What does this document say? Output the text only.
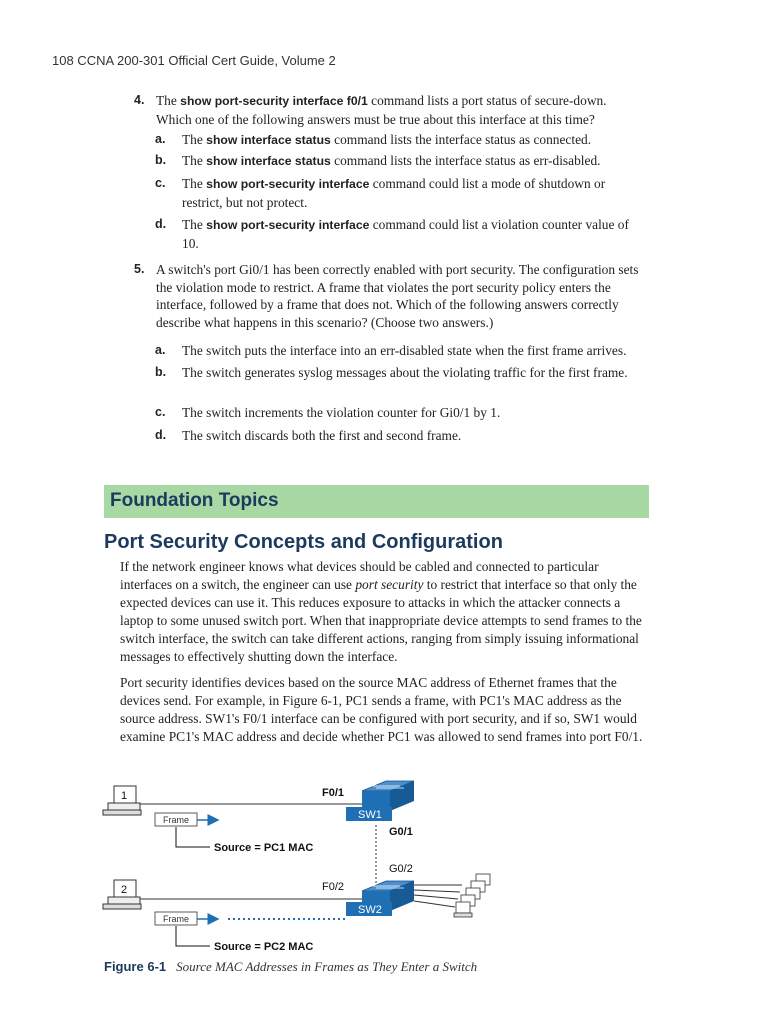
108 CCNA 200-301 Official Cert Guide, Volume 2
4. The show port-security interface f0/1 command lists a port status of secure-down. Which one of the following answers must be true about this interface at this time?
a. The show interface status command lists the interface status as connected.
b. The show interface status command lists the interface status as err-disabled.
c. The show port-security interface command could list a mode of shutdown or restrict, but not protect.
d. The show port-security interface command could list a violation counter value of 10.
5. A switch's port Gi0/1 has been correctly enabled with port security. The configuration sets the violation mode to restrict. A frame that violates the port security policy enters the interface, followed by a frame that does not. Which of the following answers correctly describe what happens in this scenario? (Choose two answers.)
a. The switch puts the interface into an err-disabled state when the first frame arrives.
b. The switch generates syslog messages about the violating traffic for the first frame.
c. The switch increments the violation counter for Gi0/1 by 1.
d. The switch discards both the first and second frame.
Foundation Topics
Port Security Concepts and Configuration
If the network engineer knows what devices should be cabled and connected to particular interfaces on a switch, the engineer can use port security to restrict that interface so that only the expected devices can use it. This reduces exposure to attacks in which the attacker connects a laptop to some unused switch port. When that inappropriate device attempts to send frames to the switch interface, the switch can take different actions, ranging from simply issuing informational messages to effectively shutting down the interface.
Port security identifies devices based on the source MAC address of Ethernet frames that the devices send. For example, in Figure 6-1, PC1 sends a frame, with PC1's MAC address as the source address. SW1's F0/1 interface can be configured with port security, and if so, SW1 would examine PC1's MAC address and decide whether PC1 was allowed to send frames into port F0/1.
1	F0/1
Frame
Source = PC1 MAC
SW1
G0/1
G0/2
2	F0/2
Frame
Source = PC2 MAC
SW2
Figure 6-1 Source MAC Addresses in Frames as They Enter a Switch
